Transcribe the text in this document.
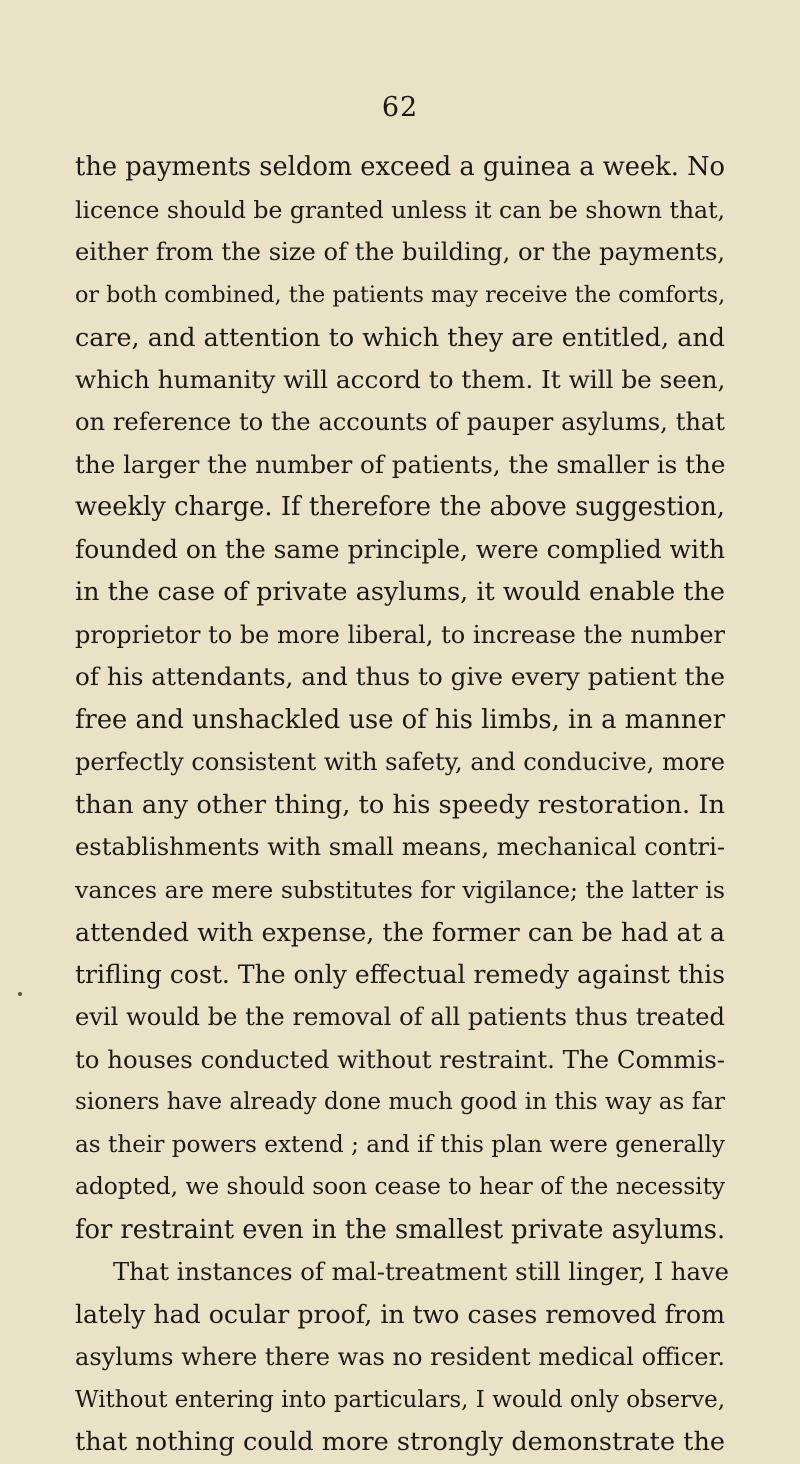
62
the payments seldom exceed a guinea a week. No
licence should be granted unless it can be shown that,
either from the size of the building, or the payments,
or both combined, the patients may receive the comforts,
care, and attention to which they are entitled, and
which humanity will accord to them. It will be seen,
on reference to the accounts of pauper asylums, that
the larger the number of patients, the smaller is the
weekly charge. If therefore the above suggestion,
founded on the same principle, were complied with
in the case of private asylums, it would enable the
proprietor to be more liberal, to increase the number
of his attendants, and thus to give every patient the
free and unshackled use of his limbs, in a manner
perfectly consistent with safety, and conducive, more
than any other thing, to his speedy restoration. In
establishments with small means, mechanical contri-
vances are mere substitutes for vigilance; the latter is
attended with expense, the former can be had at a
trifling cost. The only effectual remedy against this
evil would be the removal of all patients thus treated
to houses conducted without restraint. The Commis-
sioners have already done much good in this way as far
as their powers extend ; and if this plan were generally
adopted, we should soon cease to hear of the necessity
for restraint even in the smallest private asylums.
That instances of mal-treatment still linger, I have
lately had ocular proof, in two cases removed from
asylums where there was no resident medical officer.
Without entering into particulars, I would only observe,
that nothing could more strongly demonstrate the
